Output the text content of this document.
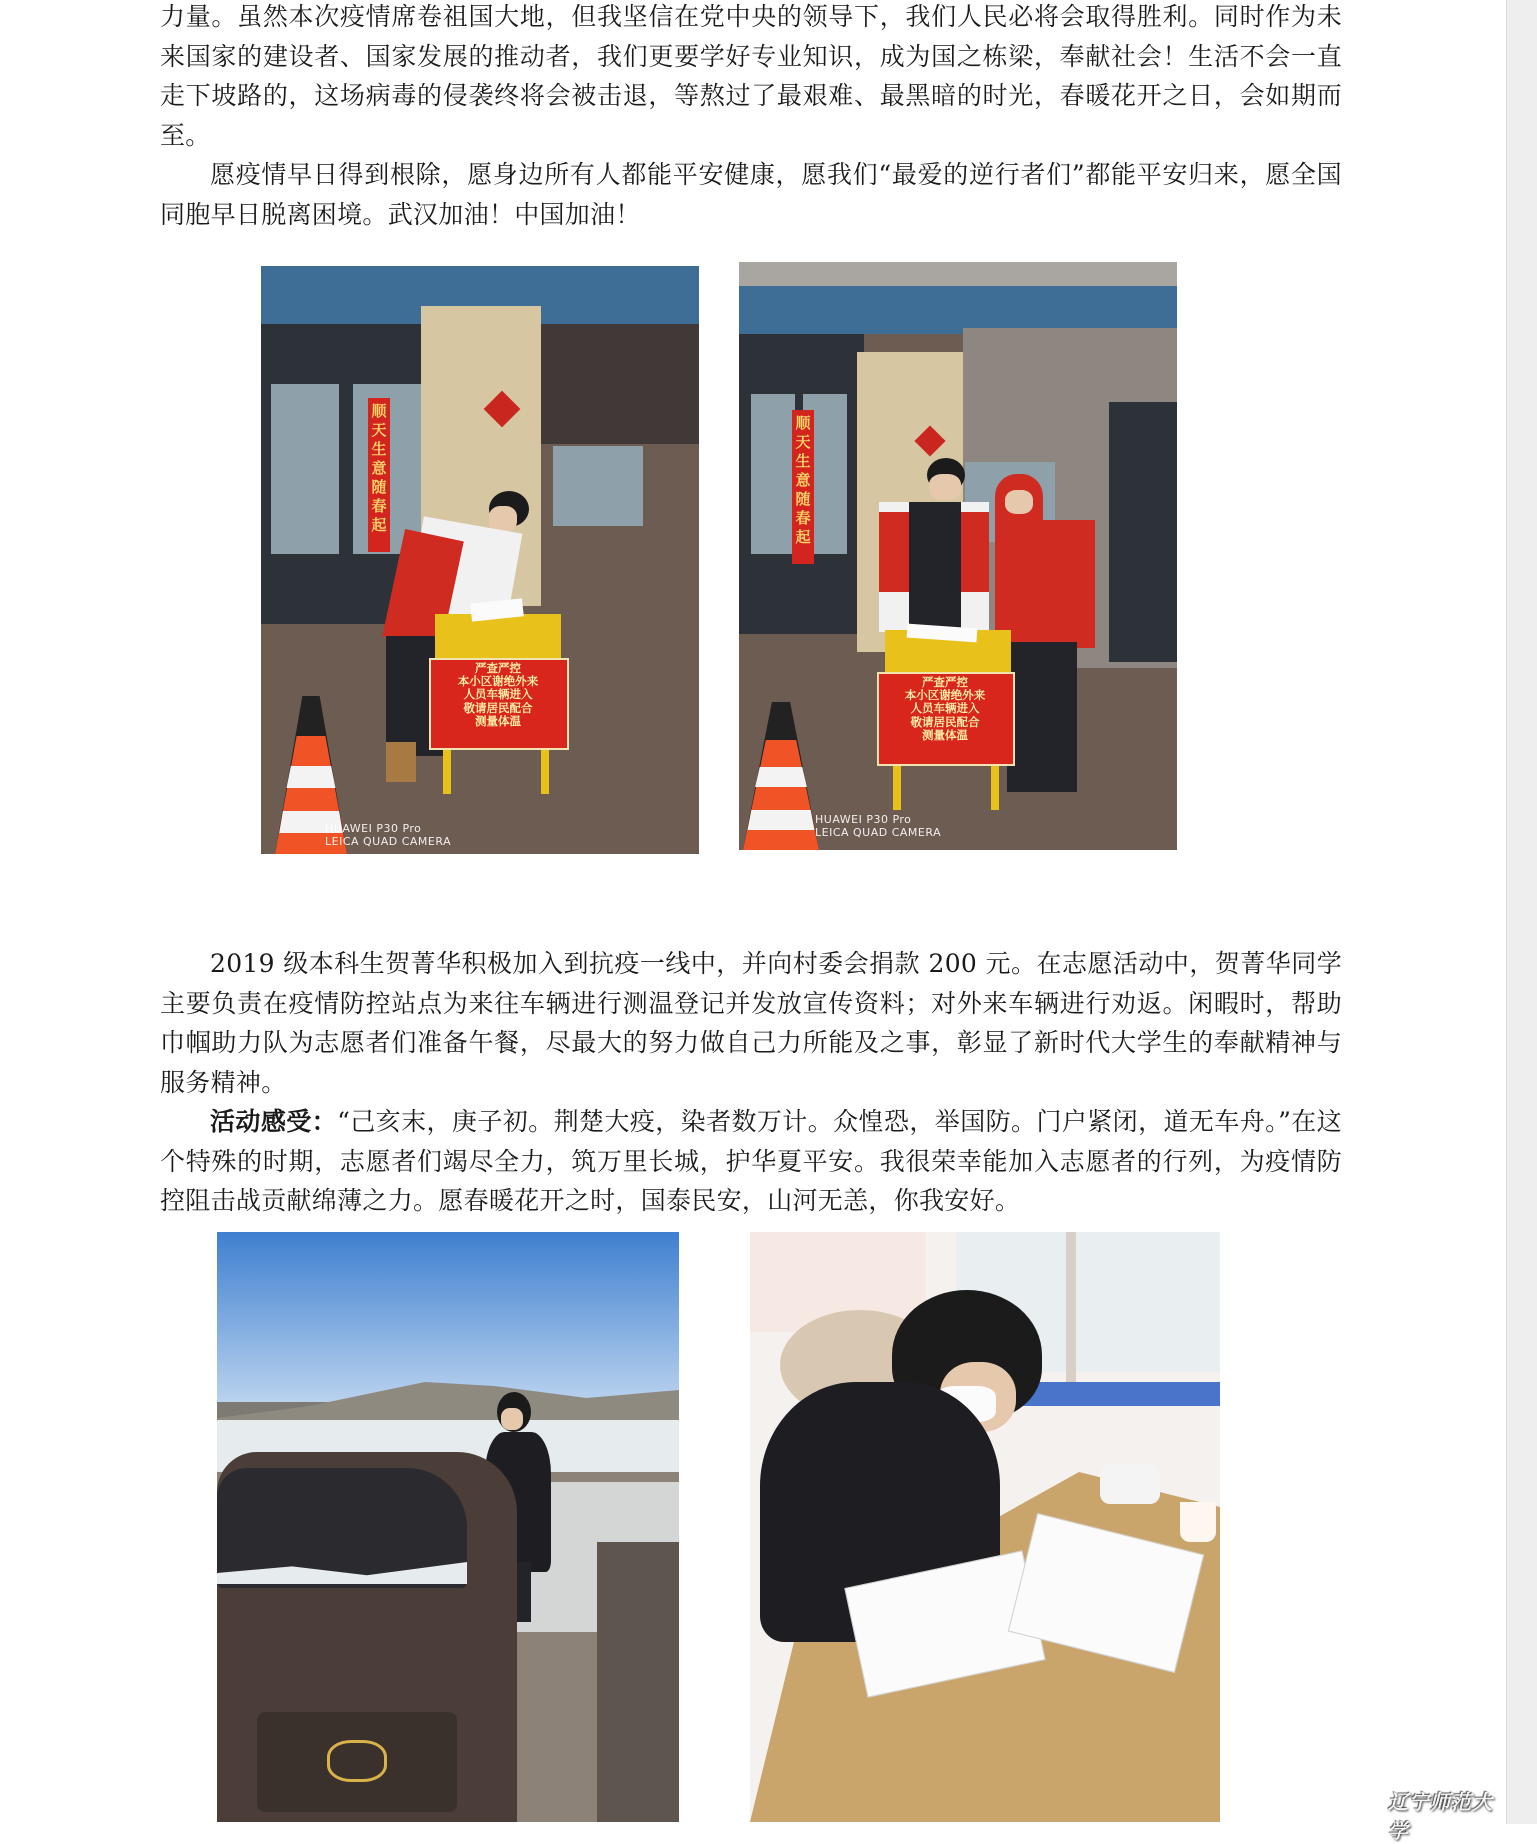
力量。虽然本次疫情席卷祖国大地，但我坚信在党中央的领导下，我们人民必将会取得胜利。同时作为未来国家的建设者、国家发展的推动者，我们更要学好专业知识，成为国之栋梁，奉献社会！生活不会一直走下坡路的，这场病毒的侵袭终将会被击退，等熬过了最艰难、最黑暗的时光，春暖花开之日，会如期而至。

愿疫情早日得到根除，愿身边所有人都能平安健康，愿我们“最爱的逆行者们”都能平安归来，愿全国同胞早日脱离困境。武汉加油！中国加油！

顺天生意随春起
严查严控
本小区谢绝外来
人员车辆进入
敬请居民配合
测量体温
HUAWEI P30 Pro
LEICA QUAD CAMERA
顺天生意随春起
严查严控
本小区谢绝外来
人员车辆进入
敬请居民配合
测量体温
HUAWEI P30 Pro
LEICA QUAD CAMERA

2019 级本科生贺菁华积极加入到抗疫一线中，并向村委会捐款 200 元。在志愿活动中，贺菁华同学主要负责在疫情防控站点为来往车辆进行测温登记并发放宣传资料；对外来车辆进行劝返。闲暇时，帮助巾帼助力队为志愿者们准备午餐，尽最大的努力做自己力所能及之事，彰显了新时代大学生的奉献精神与服务精神。

活动感受：“己亥末，庚子初。荆楚大疫，染者数万计。众惶恐，举国防。门户紧闭，道无车舟。”在这个特殊的时期，志愿者们竭尽全力，筑万里长城，护华夏平安。我很荣幸能加入志愿者的行列，为疫情防控阻击战贡献绵薄之力。愿春暖花开之时，国泰民安，山河无恙，你我安好。

辽宁师范大学
